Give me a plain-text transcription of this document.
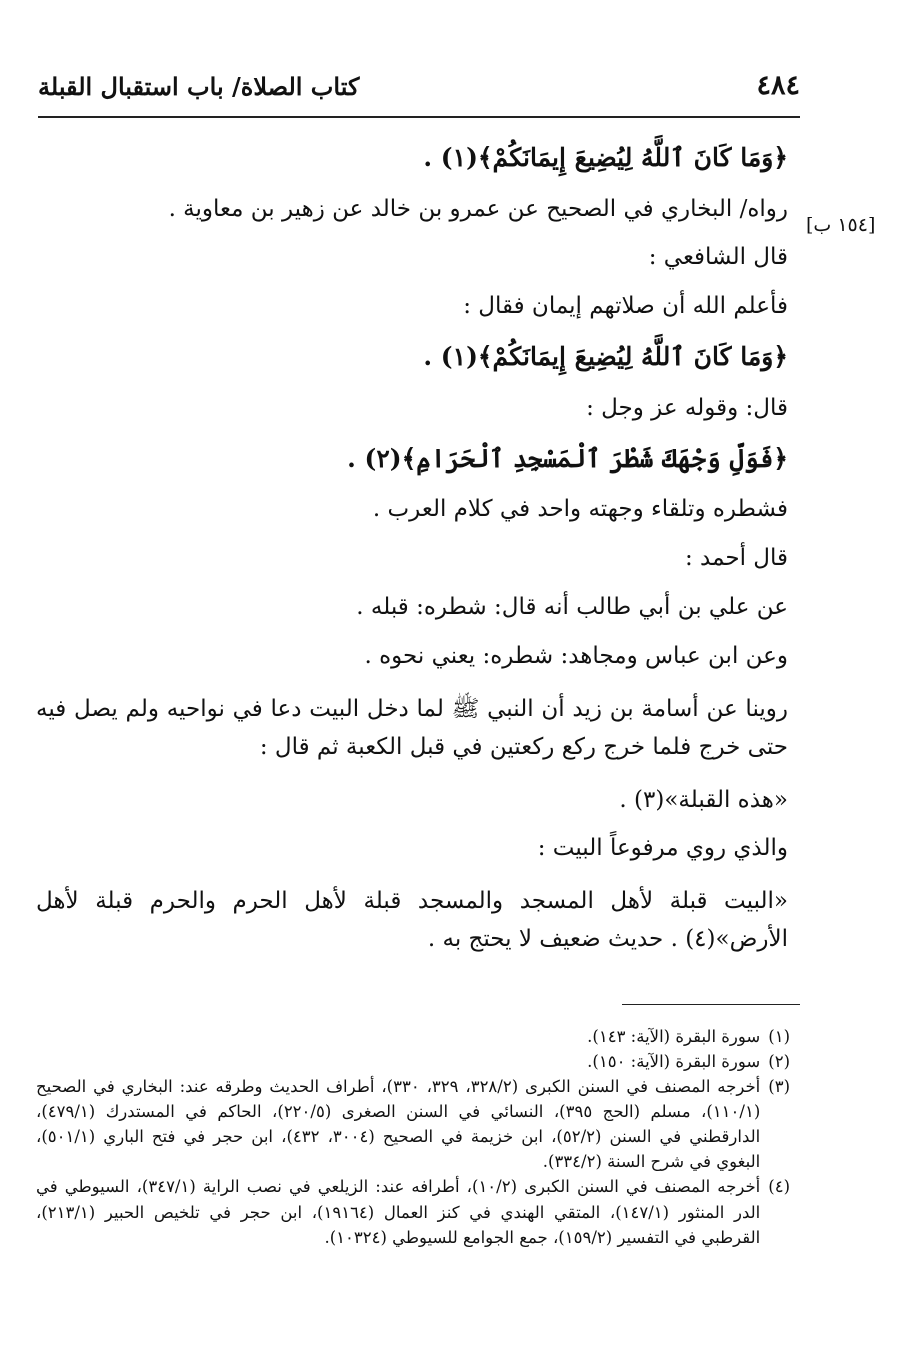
٤٨٤
كتاب الصلاة/ باب استقبال القبلة
[١٥٤ ب]

﴿وَمَا كَانَ ٱللَّهُ لِيُضِيعَ إِيمَانَكُمْ﴾(١) .

رواه/ البخاري في الصحيح عن عمرو بن خالد عن زهير بن معاوية .

قال الشافعي :

فأعلم الله أن صلاتهم إيمان فقال :

﴿وَمَا كَانَ ٱللَّهُ لِيُضِيعَ إِيمَانَكُمْ﴾(١) .

قال: وقوله عز وجل :

﴿فَوَلِّ وَجْهَكَ شَطْرَ ٱلْمَسْجِدِ ٱلْحَرَامِ﴾(٢) .

فشطره وتلقاء وجهته واحد في كلام العرب .

قال أحمد :

عن علي بن أبي طالب أنه قال: شطره: قبله .

وعن ابن عباس ومجاهد: شطره: يعني نحوه .

روينا عن أسامة بن زيد أن النبي ﷺ لما دخل البيت دعا في نواحيه ولم يصل فيه حتى خرج فلما خرج ركع ركعتين في قبل الكعبة ثم قال :

«هذه القبلة»(٣) .

والذي روي مرفوعاً البيت :

«البيت قبلة لأهل المسجد والمسجد قبلة لأهل الحرم والحرم قبلة لأهل الأرض»(٤) . حديث ضعيف لا يحتج به .

(١)
سورة البقرة (الآية: ١٤٣).
(٢)
سورة البقرة (الآية: ١٥٠).
(٣)
أخرجه المصنف في السنن الكبرى (٣٢٨/٢، ٣٢٩، ٣٣٠)، أطراف الحديث وطرقه عند: البخاري في الصحيح (١١٠/١)، مسلم (الحج ٣٩٥)، النسائي في السنن الصغرى (٢٢٠/٥)، الحاكم في المستدرك (٤٧٩/١)، الدارقطني في السنن (٥٢/٢)، ابن خزيمة في الصحيح (٣٠٠٤، ٤٣٢)، ابن حجر في فتح الباري (٥٠١/١)، البغوي في شرح السنة (٣٣٤/٢).
(٤)
أخرجه المصنف في السنن الكبرى (١٠/٢)، أطرافه عند: الزيلعي في نصب الراية (٣٤٧/١)، السيوطي في الدر المنثور (١٤٧/١)، المتقي الهندي في كنز العمال (١٩١٦٤)، ابن حجر في تلخيص الحبير (٢١٣/١)، القرطبي في التفسير (١٥٩/٢)، جمع الجوامع للسيوطي (١٠٣٢٤).
